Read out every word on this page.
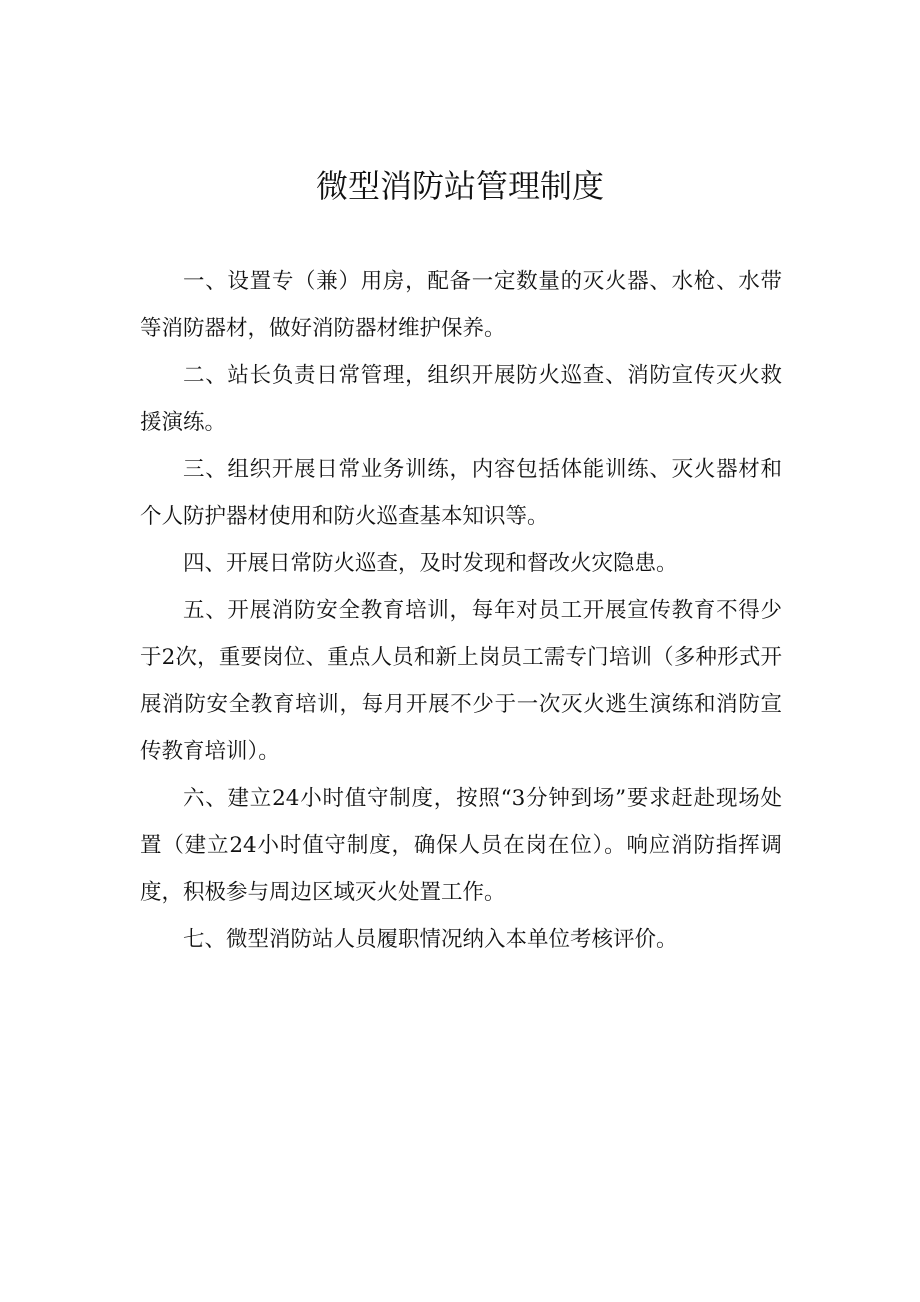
微型消防站管理制度

一、设置专（兼）用房，配备一定数量的灭火器、水枪、水带等消防器材，做好消防器材维护保养。

二、站长负责日常管理，组织开展防火巡查、消防宣传灭火救援演练。

三、组织开展日常业务训练，内容包括体能训练、灭火器材和个人防护器材使用和防火巡查基本知识等。

四、开展日常防火巡查，及时发现和督改火灾隐患。

五、开展消防安全教育培训，每年对员工开展宣传教育不得少于2次，重要岗位、重点人员和新上岗员工需专门培训（多种形式开展消防安全教育培训，每月开展不少于一次灭火逃生演练和消防宣传教育培训）。

六、建立24小时值守制度，按照“3分钟到场”要求赶赴现场处置（建立24小时值守制度，确保人员在岗在位）。响应消防指挥调度，积极参与周边区域灭火处置工作。

七、微型消防站人员履职情况纳入本单位考核评价。
